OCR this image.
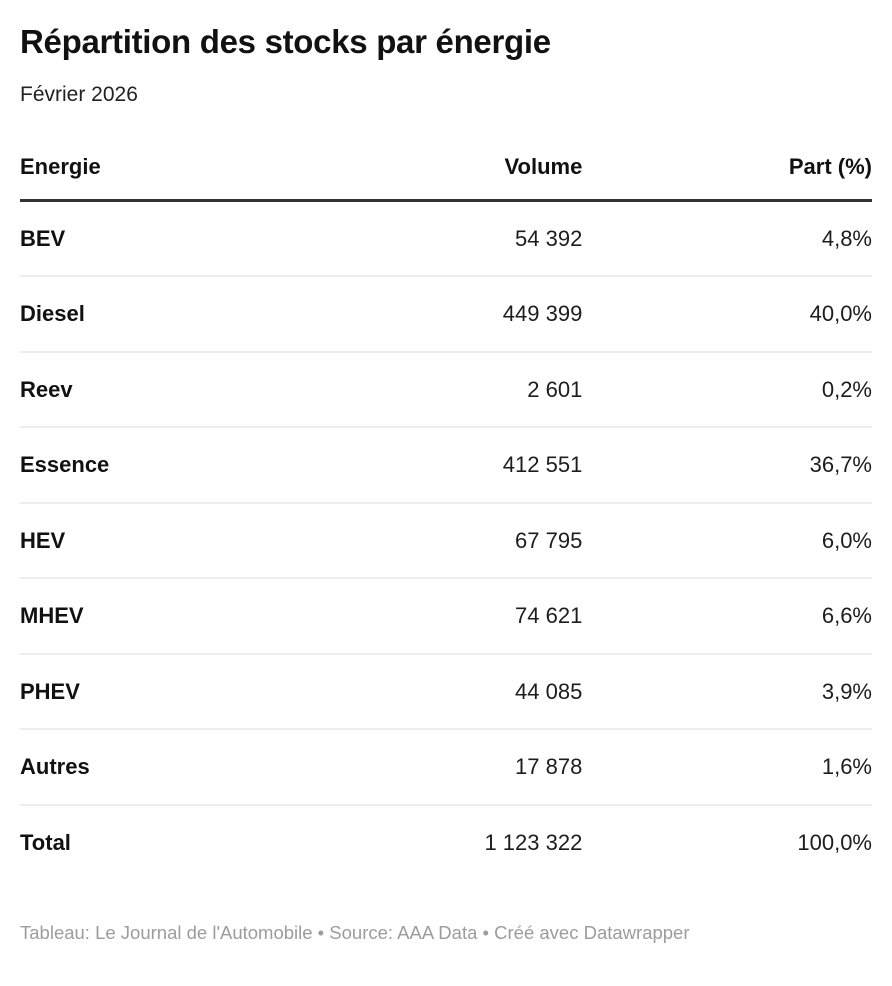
Répartition des stocks par énergie
Février 2026
Energie	Volume	Part (%)
BEV	54 392	4,8%
Diesel	449 399	40,0%
Reev	2 601	0,2%
Essence	412 551	36,7%
HEV	67 795	6,0%
MHEV	74 621	6,6%
PHEV	44 085	3,9%
Autres	17 878	1,6%
Total	1 123 322	100,0%
Tableau: Le Journal de l'Automobile • Source: AAA Data • Créé avec Datawrapper
